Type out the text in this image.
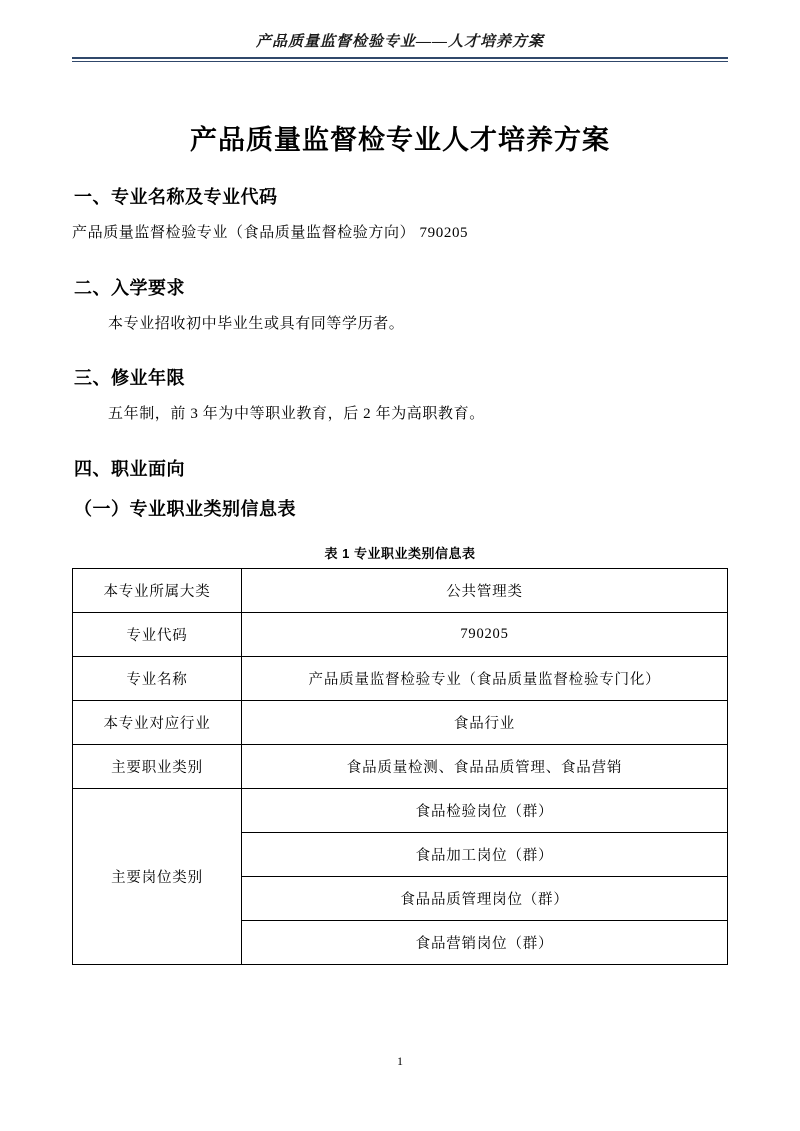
产品质量监督检验专业——人才培养方案
产品质量监督检专业人才培养方案
一、专业名称及专业代码
产品质量监督检验专业（食品质量监督检验方向） 790205
二、入学要求
本专业招收初中毕业生或具有同等学历者。
三、修业年限
五年制，前 3 年为中等职业教育，后 2 年为高职教育。
四、职业面向
（一）专业职业类别信息表
表 1 专业职业类别信息表
本专业所属大类	公共管理类
专业代码	790205
专业名称	产品质量监督检验专业（食品质量监督检验专门化）
本专业对应行业	食品行业
主要职业类别	食品质量检测、食品品质管理、食品营销
主要岗位类别	食品检验岗位（群）
	食品加工岗位（群）
	食品品质管理岗位（群）
	食品营销岗位（群）
1
